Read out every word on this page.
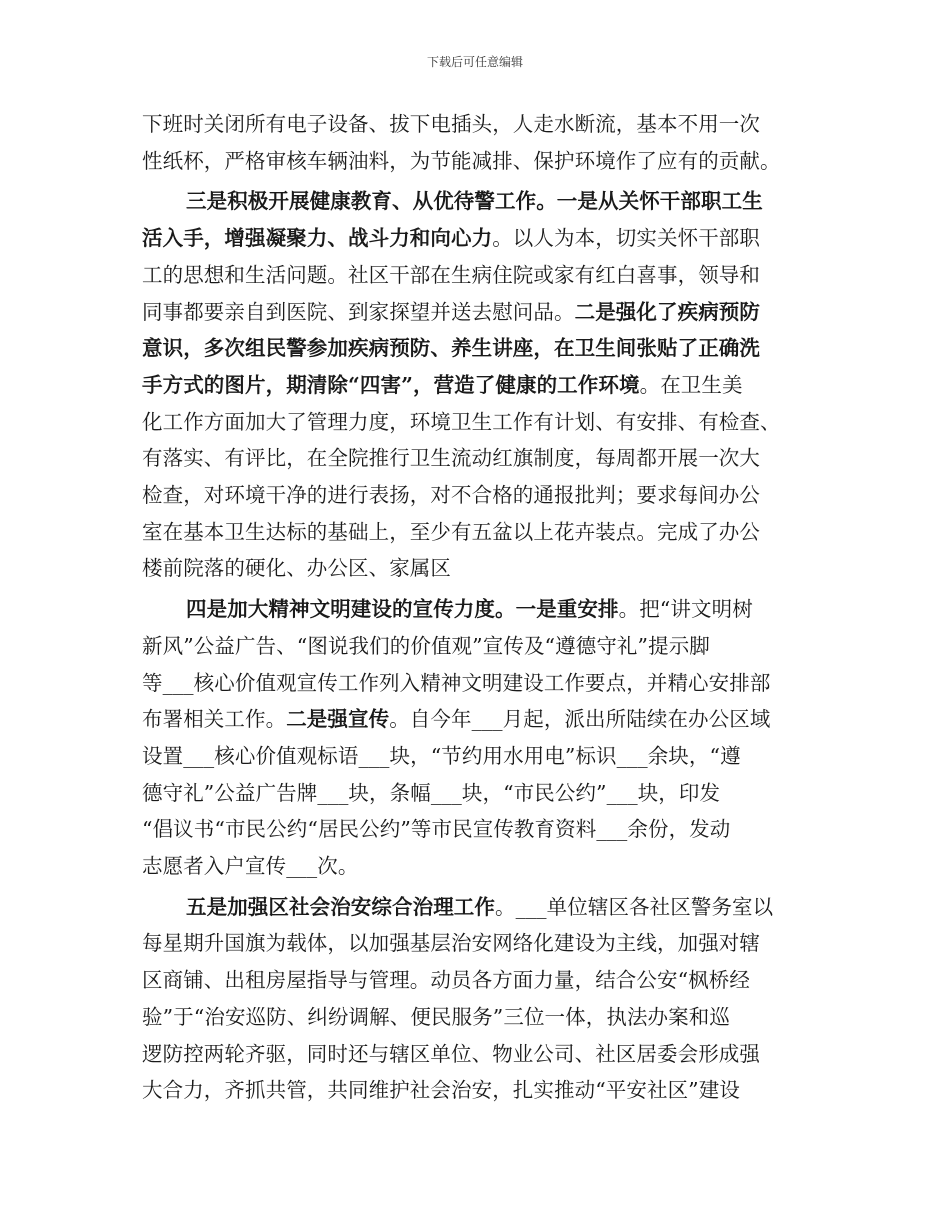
下载后可任意编辑

下班时关闭所有电子设备、拔下电插头，人走水断流，基本不用一次
性纸杯，严格审核车辆油料，为节能减排、保护环境作了应有的贡献。

三是积极开展健康教育、从优待警工作。一是从关怀干部职工生
活入手，增强凝聚力、战斗力和向心力。以人为本，切实关怀干部职
工的思想和生活问题。社区干部在生病住院或家有红白喜事，领导和
同事都要亲自到医院、到家探望并送去慰问品。二是强化了疾病预防
意识，多次组民警参加疾病预防、养生讲座，在卫生间张贴了正确洗
手方式的图片，期清除“四害”，营造了健康的工作环境。在卫生美
化工作方面加大了管理力度，环境卫生工作有计划、有安排、有检查、
有落实、有评比，在全院推行卫生流动红旗制度，每周都开展一次大
检查，对环境干净的进行表扬，对不合格的通报批判；要求每间办公
室在基本卫生达标的基础上，至少有五盆以上花卉装点。完成了办公
楼前院落的硬化、办公区、家属区

四是加大精神文明建设的宣传力度。一是重安排。把“讲文明树
新风”公益广告、“图说我们的价值观”宣传及“遵德守礼”提示脚
等___核心价值观宣传工作列入精神文明建设工作要点，并精心安排部
布署相关工作。二是强宣传。自今年___月起，派出所陆续在办公区域
设置___核心价值观标语___块，“节约用水用电”标识___余块，“遵
德守礼”公益广告牌___块，条幅___块，“市民公约”___块，印发
“倡议书“市民公约“居民公约”等市民宣传教育资料___余份，发动
志愿者入户宣传___次。

五是加强区社会治安综合治理工作。___单位辖区各社区警务室以
每星期升国旗为载体，以加强基层治安网络化建设为主线，加强对辖
区商铺、出租房屋指导与管理。动员各方面力量，结合公安“枫桥经
验”于“治安巡防、纠纷调解、便民服务”三位一体，执法办案和巡
逻防控两轮齐驱，同时还与辖区单位、物业公司、社区居委会形成强
大合力，齐抓共管，共同维护社会治安，扎实推动“平安社区”建设
